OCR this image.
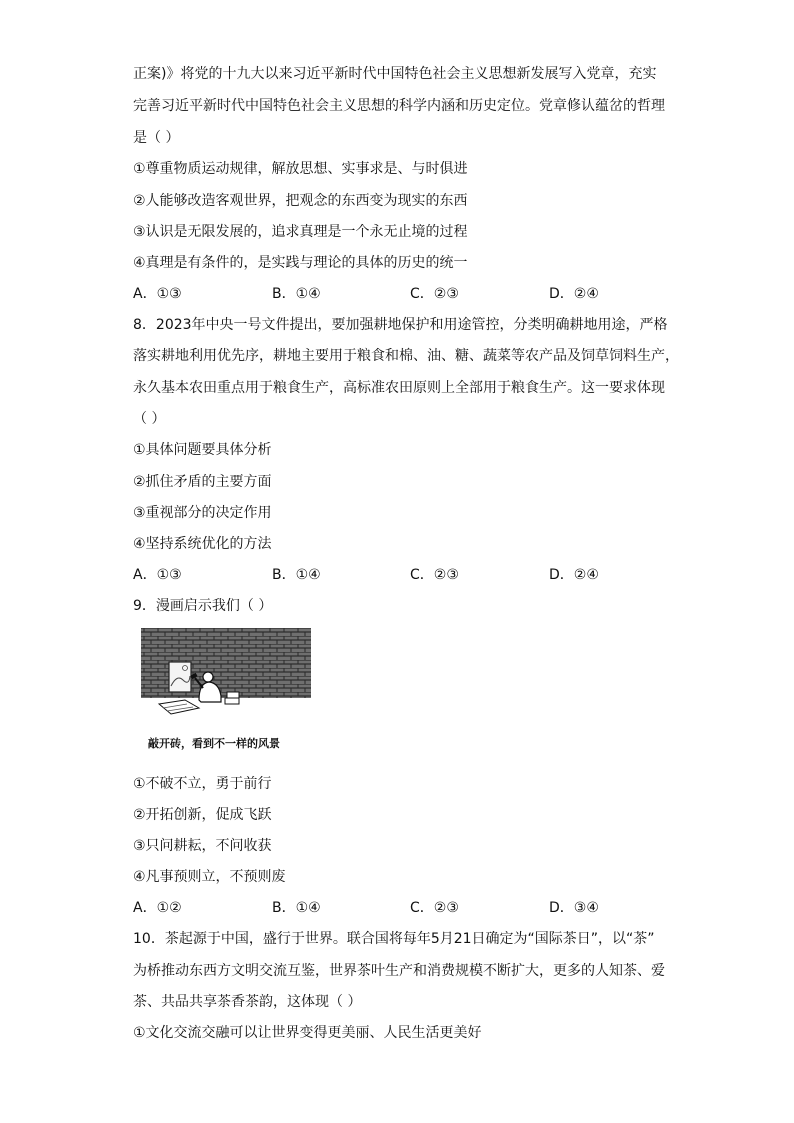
正案)》将党的十九大以来习近平新时代中国特色社会主义思想新发展写入党章，充实
完善习近平新时代中国特色社会主义思想的科学内涵和历史定位。党章修认蕴岔的哲理
是（ ）
①尊重物质运动规律，解放思想、实事求是、与时俱进
②人能够改造客观世界，把观念的东西变为现实的东西
③认识是无限发展的，追求真理是一个永无止境的过程
④真理是有条件的，是实践与理论的具体的历史的统一
A．①③	B．①④	C．②③	D．②④
8．2023年中央一号文件提出，要加强耕地保护和用途管控，分类明确耕地用途，严格
落实耕地利用优先序，耕地主要用于粮食和棉、油、糖、蔬菜等农产品及饲草饲料生产，
永久基本农田重点用于粮食生产，高标准农田原则上全部用于粮食生产。这一要求体现
（ ）
①具体问题要具体分析
②抓住矛盾的主要方面
③重视部分的决定作用
④坚持系统优化的方法
A．①③	B．①④	C．②③	D．②④
9．漫画启示我们（ ）
敲开砖，看到不一样的风景
①不破不立，勇于前行
②开拓创新，促成飞跃
③只问耕耘，不问收获
④凡事预则立，不预则废
A．①②	B．①④	C．②③	D．③④
10．茶起源于中国，盛行于世界。联合国将每年5月21日确定为“国际茶日”，以“茶”
为桥推动东西方文明交流互鉴，世界茶叶生产和消费规模不断扩大，更多的人知茶、爱
茶、共品共享茶香茶韵，这体现（ ）
①文化交流交融可以让世界变得更美丽、人民生活更美好
